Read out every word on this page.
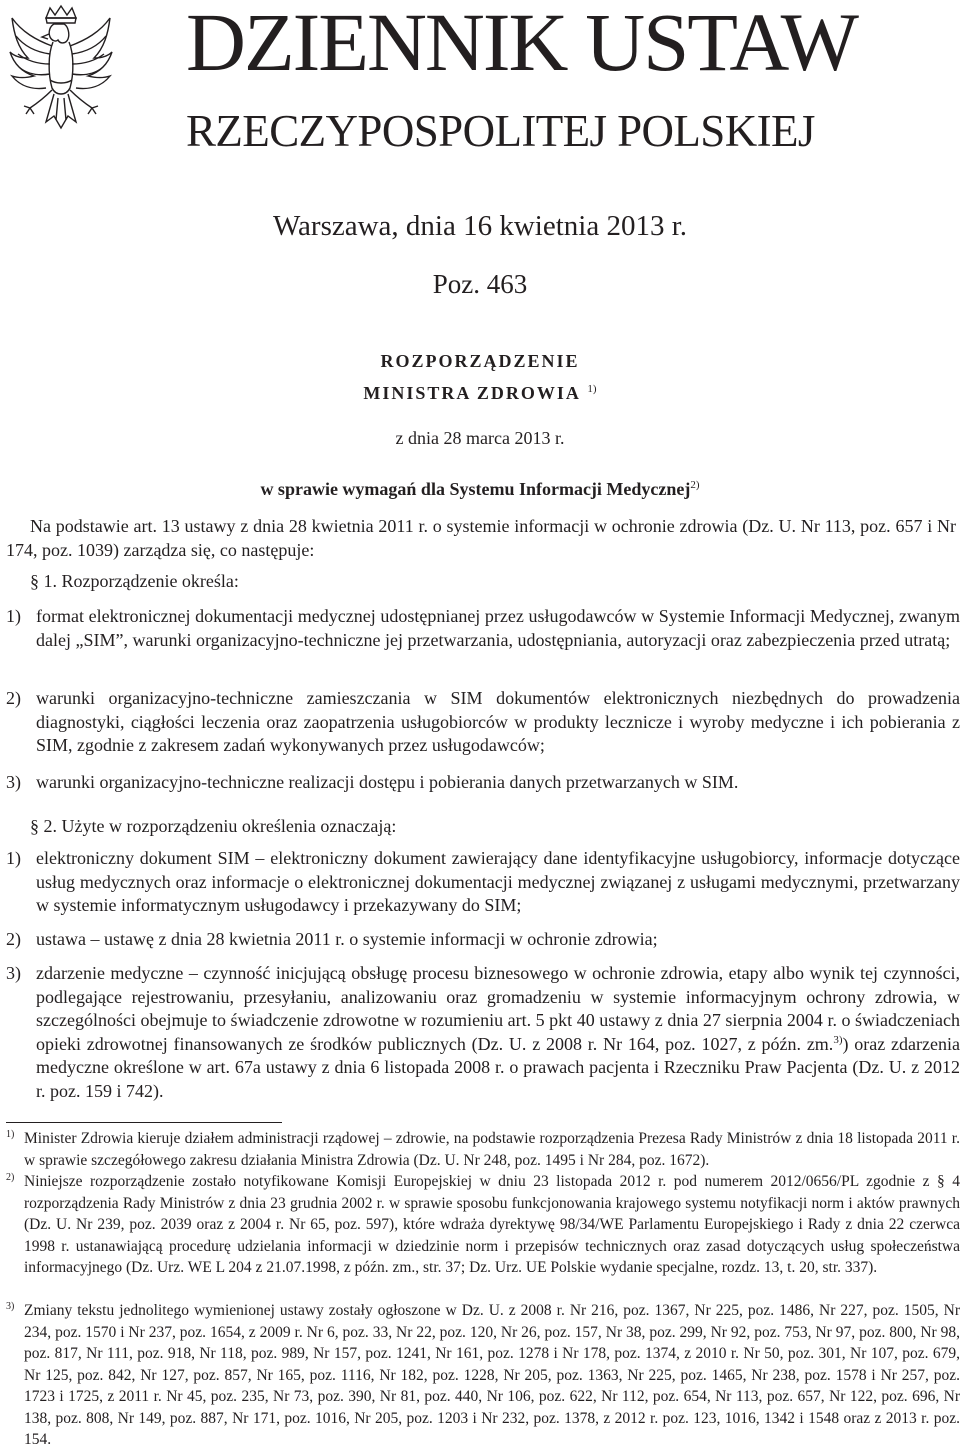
DZIENNIK USTAW
RZECZYPOSPOLITEJ POLSKIEJ
Warszawa, dnia 16 kwietnia 2013 r.
Poz. 463
ROZPORZĄDZENIE
MINISTRA ZDROWIA $^{1)}$
z dnia 28 marca 2013 r.
w sprawie wymagań dla Systemu Informacji Medycznej$^{2)}$
Na podstawie art. 13 ustawy z dnia 28 kwietnia 2011 r. o systemie informacji w ochronie zdrowia (Dz. U. Nr 113, poz. 657 i Nr 174, poz. 1039) zarządza się, co następuje:
§ 1. Rozporządzenie określa:
1) format elektronicznej dokumentacji medycznej udostępnianej przez usługodawców w Systemie Informacji Medycznej, zwanym dalej „SIM”, warunki organizacyjno-techniczne jej przetwarzania, udostępniania, autoryzacji oraz zabezpieczenia przed utratą;
2) warunki organizacyjno-techniczne zamieszczania w SIM dokumentów elektronicznych niezbędnych do prowadzenia diagnostyki, ciągłości leczenia oraz zaopatrzenia usługobiorców w produkty lecznicze i wyroby medyczne i ich pobierania z SIM, zgodnie z zakresem zadań wykonywanych przez usługodawców;
3) warunki organizacyjno-techniczne realizacji dostępu i pobierania danych przetwarzanych w SIM.
§ 2. Użyte w rozporządzeniu określenia oznaczają:
1) elektroniczny dokument SIM – elektroniczny dokument zawierający dane identyfikacyjne usługobiorcy, informacje dotyczące usług medycznych oraz informacje o elektronicznej dokumentacji medycznej związanej z usługami medycznymi, przetwarzany w systemie informatycznym usługodawcy i przekazywany do SIM;
2) ustawa – ustawę z dnia 28 kwietnia 2011 r. o systemie informacji w ochronie zdrowia;
3) zdarzenie medyczne – czynność inicjującą obsługę procesu biznesowego w ochronie zdrowia, etapy albo wynik tej czynności, podlegające rejestrowaniu, przesyłaniu, analizowaniu oraz gromadzeniu w systemie informacyjnym ochrony zdrowia, w szczególności obejmuje to świadczenie zdrowotne w rozumieniu art. 5 pkt 40 ustawy z dnia 27 sierpnia 2004 r. o świadczeniach opieki zdrowotnej finansowanych ze środków publicznych (Dz. U. z 2008 r. Nr 164, poz. 1027, z późn. zm.$^{3)}$) oraz zdarzenia medyczne określone w art. 67a ustawy z dnia 6 listopada 2008 r. o prawach pacjenta i Rzeczniku Praw Pacjenta (Dz. U. z 2012 r. poz. 159 i 742).
1) Minister Zdrowia kieruje działem administracji rządowej – zdrowie, na podstawie rozporządzenia Prezesa Rady Ministrów z dnia 18 listopada 2011 r. w sprawie szczegółowego zakresu działania Ministra Zdrowia (Dz. U. Nr 248, poz. 1495 i Nr 284, poz. 1672).
2) Niniejsze rozporządzenie zostało notyfikowane Komisji Europejskiej w dniu 23 listopada 2012 r. pod numerem 2012/0656/PL zgodnie z § 4 rozporządzenia Rady Ministrów z dnia 23 grudnia 2002 r. w sprawie sposobu funkcjonowania krajowego systemu notyfikacji norm i aktów prawnych (Dz. U. Nr 239, poz. 2039 oraz z 2004 r. Nr 65, poz. 597), które wdraża dyrektywę 98/34/WE Parlamentu Europejskiego i Rady z dnia 22 czerwca 1998 r. ustanawiającą procedurę udzielania informacji w dziedzinie norm i przepisów technicznych oraz zasad dotyczących usług społeczeństwa informacyjnego (Dz. Urz. WE L 204 z 21.07.1998, z późn. zm., str. 37; Dz. Urz. UE Polskie wydanie specjalne, rozdz. 13, t. 20, str. 337).
3) Zmiany tekstu jednolitego wymienionej ustawy zostały ogłoszone w Dz. U. z 2008 r. Nr 216, poz. 1367, Nr 225, poz. 1486, Nr 227, poz. 1505, Nr 234, poz. 1570 i Nr 237, poz. 1654, z 2009 r. Nr 6, poz. 33, Nr 22, poz. 120, Nr 26, poz. 157, Nr 38, poz. 299, Nr 92, poz. 753, Nr 97, poz. 800, Nr 98, poz. 817, Nr 111, poz. 918, Nr 118, poz. 989, Nr 157, poz. 1241, Nr 161, poz. 1278 i Nr 178, poz. 1374, z 2010 r. Nr 50, poz. 301, Nr 107, poz. 679, Nr 125, poz. 842, Nr 127, poz. 857, Nr 165, poz. 1116, Nr 182, poz. 1228, Nr 205, poz. 1363, Nr 225, poz. 1465, Nr 238, poz. 1578 i Nr 257, poz. 1723 i 1725, z 2011 r. Nr 45, poz. 235, Nr 73, poz. 390, Nr 81, poz. 440, Nr 106, poz. 622, Nr 112, poz. 654, Nr 113, poz. 657, Nr 122, poz. 696, Nr 138, poz. 808, Nr 149, poz. 887, Nr 171, poz. 1016, Nr 205, poz. 1203 i Nr 232, poz. 1378, z 2012 r. poz. 123, 1016, 1342 i 1548 oraz z 2013 r. poz. 154.
